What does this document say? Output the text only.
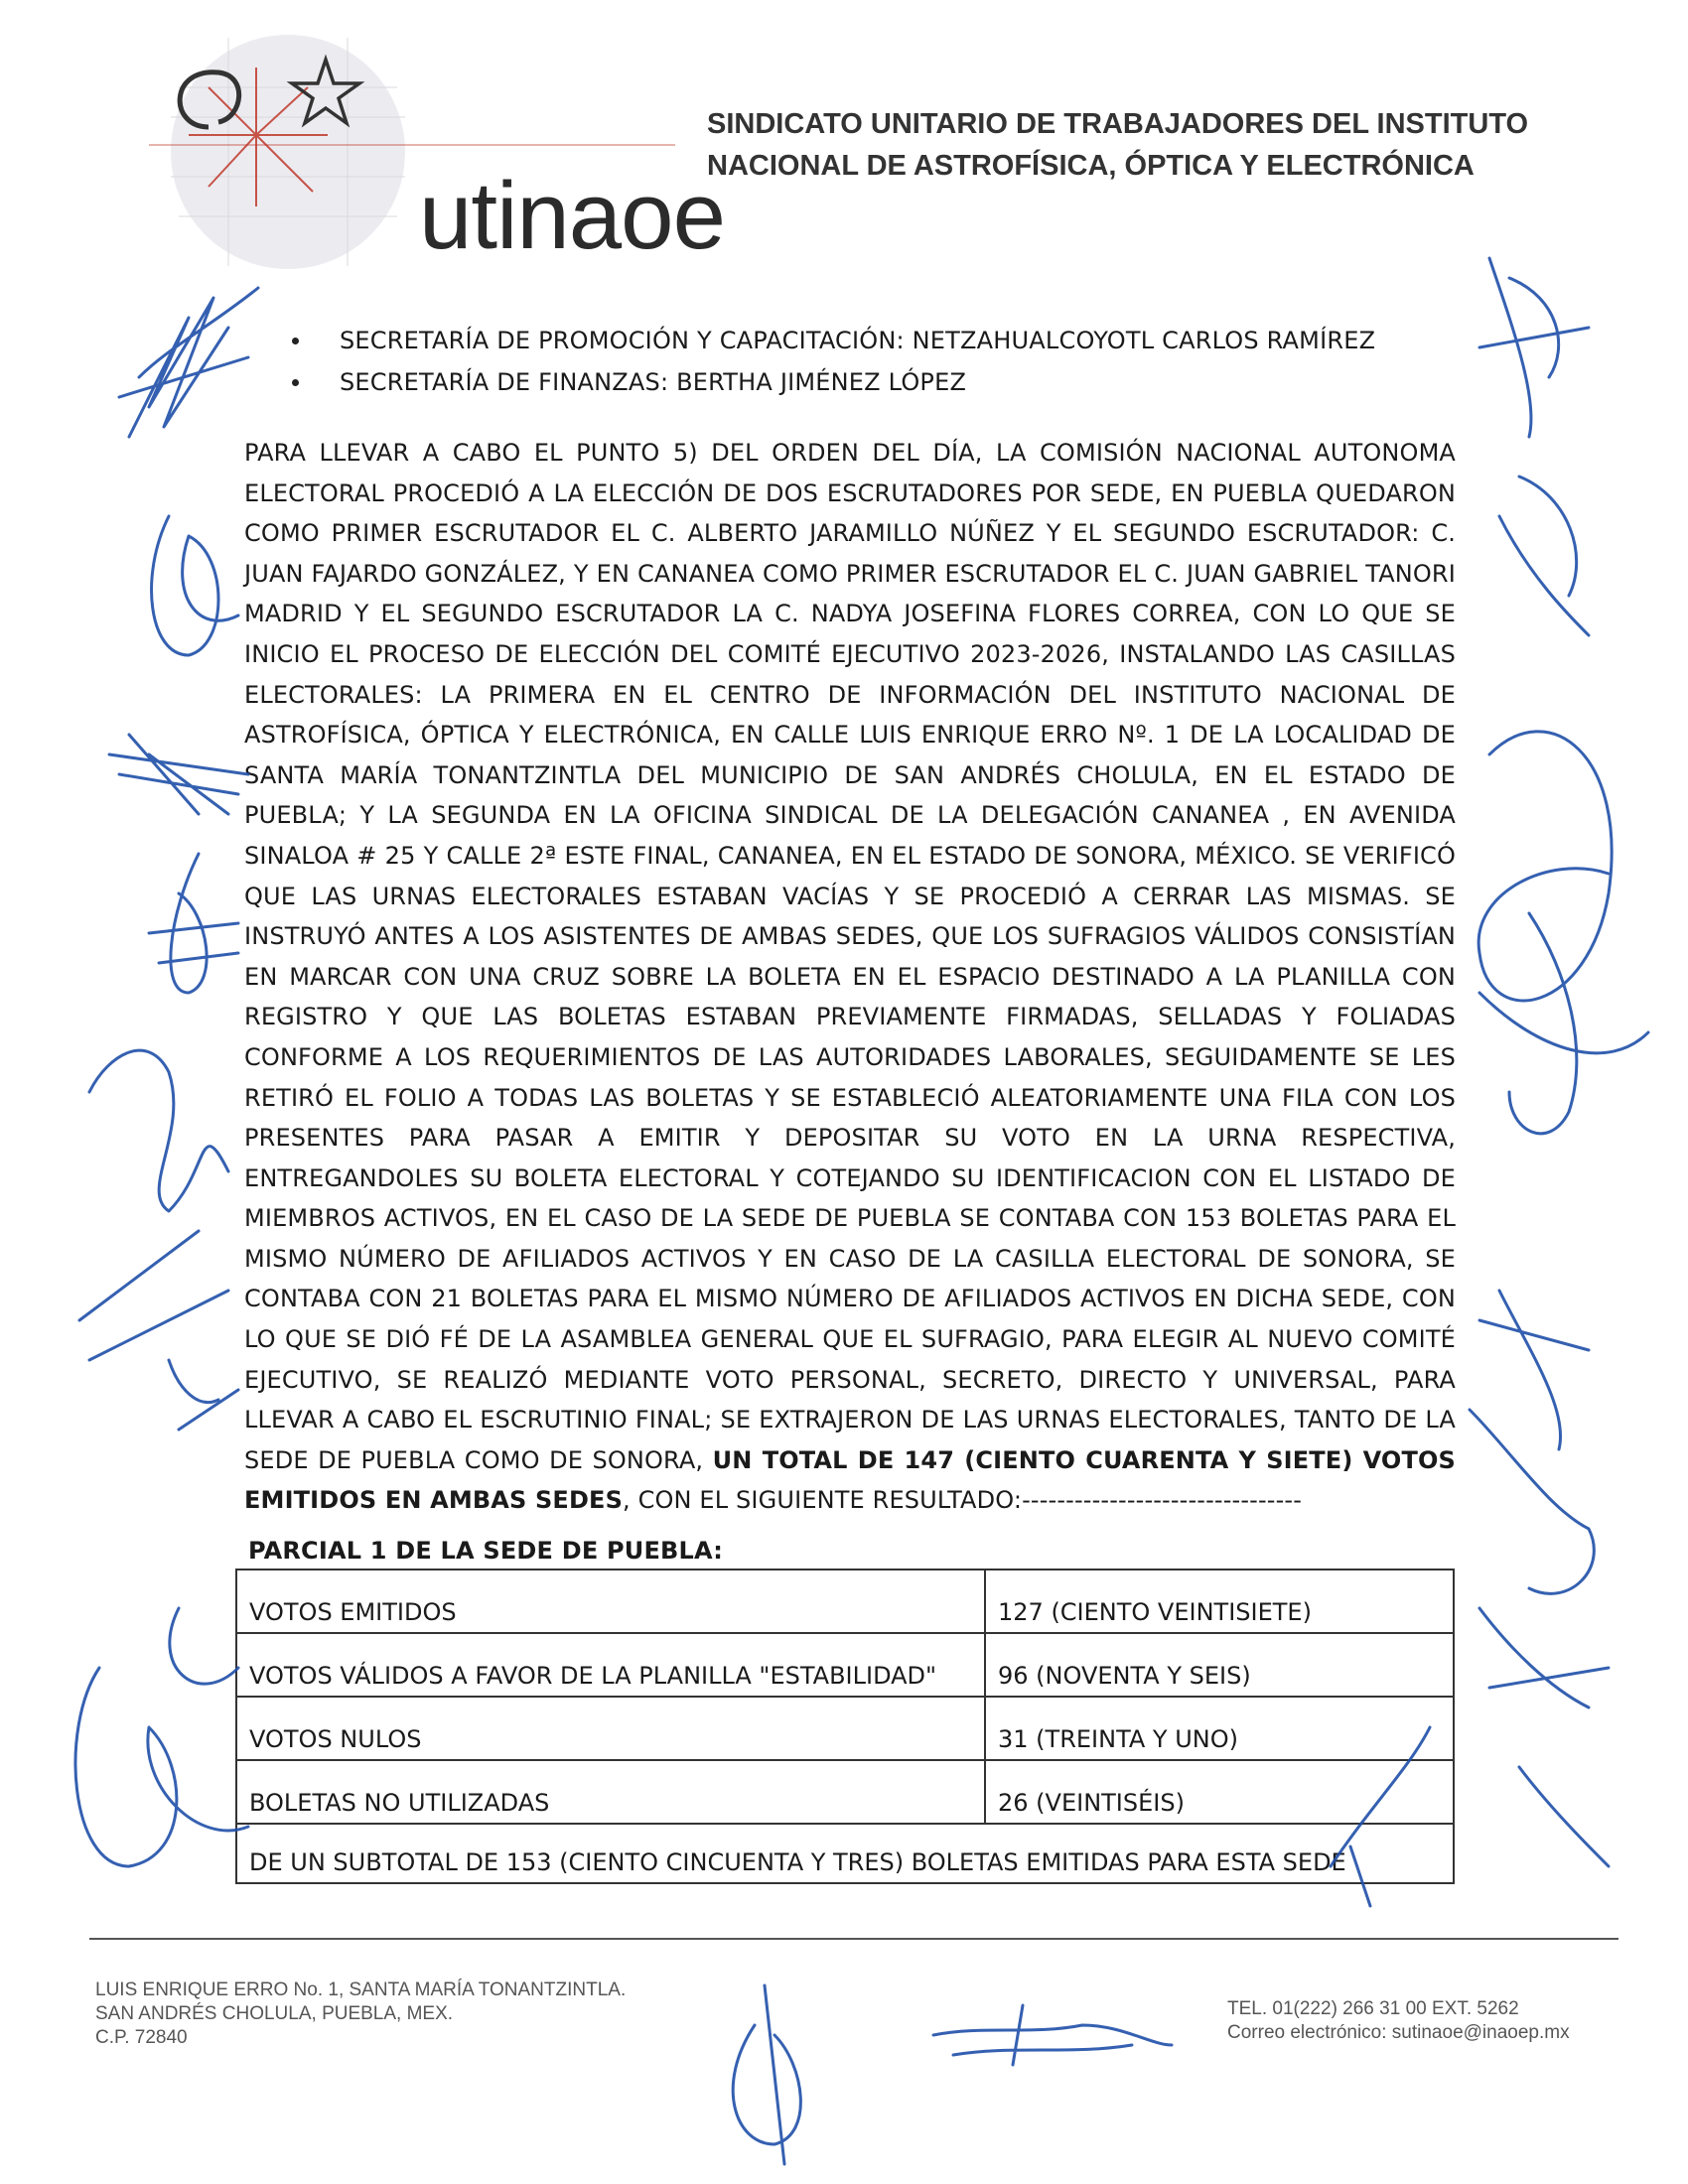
utinaoe
SINDICATO UNITARIO DE TRABAJADORES DEL INSTITUTO
NACIONAL DE ASTROFÍSICA, ÓPTICA Y ELECTRÓNICA
SECRETARÍA DE PROMOCIÓN Y CAPACITACIÓN: NETZAHUALCOYOTL CARLOS RAMÍREZ
SECRETARÍA DE FINANZAS: BERTHA JIMÉNEZ LÓPEZ
PARA LLEVAR A CABO EL PUNTO 5) DEL ORDEN DEL DÍA, LA COMISIÓN NACIONAL AUTONOMA ELECTORAL PROCEDIÓ A LA ELECCIÓN DE DOS ESCRUTADORES POR SEDE, EN PUEBLA QUEDARON COMO PRIMER ESCRUTADOR EL C. ALBERTO JARAMILLO NÚÑEZ Y EL SEGUNDO ESCRUTADOR: C. JUAN FAJARDO GONZÁLEZ, Y EN CANANEA COMO PRIMER ESCRUTADOR EL C. JUAN GABRIEL TANORI MADRID Y EL SEGUNDO ESCRUTADOR LA C. NADYA JOSEFINA FLORES CORREA, CON LO QUE SE INICIO EL PROCESO DE ELECCIÓN DEL COMITÉ EJECUTIVO 2023-2026, INSTALANDO LAS CASILLAS ELECTORALES: LA PRIMERA EN EL CENTRO DE INFORMACIÓN DEL INSTITUTO NACIONAL DE ASTROFÍSICA, ÓPTICA Y ELECTRÓNICA, EN CALLE LUIS ENRIQUE ERRO Nº. 1 DE LA LOCALIDAD DE SANTA MARÍA TONANTZINTLA DEL MUNICIPIO DE SAN ANDRÉS CHOLULA, EN EL ESTADO DE PUEBLA; Y LA SEGUNDA EN LA OFICINA SINDICAL DE LA DELEGACIÓN CANANEA , EN AVENIDA SINALOA # 25 Y CALLE 2ª ESTE FINAL, CANANEA, EN EL ESTADO DE SONORA, MÉXICO. SE VERIFICÓ QUE LAS URNAS ELECTORALES ESTABAN VACÍAS Y SE PROCEDIÓ A CERRAR LAS MISMAS. SE INSTRUYÓ ANTES A LOS ASISTENTES DE AMBAS SEDES, QUE LOS SUFRAGIOS VÁLIDOS CONSISTÍAN EN MARCAR CON UNA CRUZ SOBRE LA BOLETA EN EL ESPACIO DESTINADO A LA PLANILLA CON REGISTRO Y QUE LAS BOLETAS ESTABAN PREVIAMENTE FIRMADAS, SELLADAS Y FOLIADAS CONFORME A LOS REQUERIMIENTOS DE LAS AUTORIDADES LABORALES, SEGUIDAMENTE SE LES RETIRÓ EL FOLIO A TODAS LAS BOLETAS Y SE ESTABLECIÓ ALEATORIAMENTE UNA FILA CON LOS PRESENTES PARA PASAR A EMITIR Y DEPOSITAR SU VOTO EN LA URNA RESPECTIVA, ENTREGANDOLES SU BOLETA ELECTORAL Y COTEJANDO SU IDENTIFICACION CON EL LISTADO DE MIEMBROS ACTIVOS, EN EL CASO DE LA SEDE DE PUEBLA SE CONTABA CON 153 BOLETAS PARA EL MISMO NÚMERO DE AFILIADOS ACTIVOS Y EN CASO DE LA CASILLA ELECTORAL DE SONORA, SE CONTABA CON 21 BOLETAS PARA EL MISMO NÚMERO DE AFILIADOS ACTIVOS EN DICHA SEDE, CON LO QUE SE DIÓ FÉ DE LA ASAMBLEA GENERAL QUE EL SUFRAGIO, PARA ELEGIR AL NUEVO COMITÉ EJECUTIVO, SE REALIZÓ MEDIANTE VOTO PERSONAL, SECRETO, DIRECTO Y UNIVERSAL, PARA LLEVAR A CABO EL ESCRUTINIO FINAL; SE EXTRAJERON DE LAS URNAS ELECTORALES, TANTO DE LA SEDE DE PUEBLA COMO DE SONORA, UN TOTAL DE 147 (CIENTO CUARENTA Y SIETE) VOTOS EMITIDOS EN AMBAS SEDES, CON EL SIGUIENTE RESULTADO:--------------------------------
PARCIAL 1 DE LA SEDE DE PUEBLA:
VOTOS EMITIDOS	127 (CIENTO VEINTISIETE)
VOTOS VÁLIDOS A FAVOR DE LA PLANILLA "ESTABILIDAD"	96 (NOVENTA Y SEIS)
VOTOS NULOS	31 (TREINTA Y UNO)
BOLETAS NO UTILIZADAS	26 (VEINTISÉIS)
DE UN SUBTOTAL DE 153 (CIENTO CINCUENTA Y TRES) BOLETAS EMITIDAS PARA ESTA SEDE	
LUIS ENRIQUE ERRO No. 1, SANTA MARÍA TONANTZINTLA.
SAN ANDRÉS CHOLULA, PUEBLA, MEX.
C.P. 72840
TEL. 01(222) 266 31 00 EXT. 5262
Correo electrónico: sutinaoe@inaoep.mx
